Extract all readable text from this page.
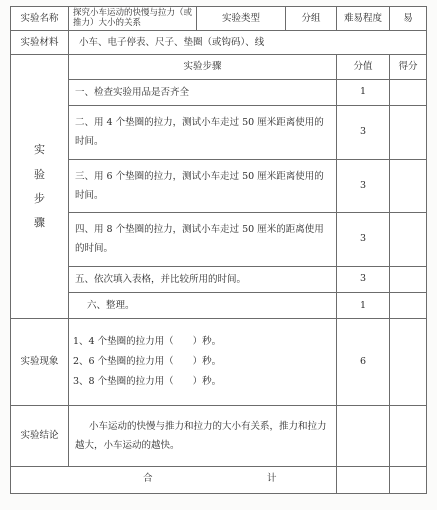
实验名称	探究小车运动的快慢与拉力（或推力）大小的关系	实验类型	分组	难易程度	易
实验材料	小车、电子停表、尺子、垫圈（或钩码）、线				

实
验
步
骤	实验步骤			分值	得分
	一、检查实验用品是否齐全			1	
	二、用 4 个垫圈的拉力，测试小车走过 50 厘米距离使用的时间。			3	
	三、用 6 个垫圈的拉力，测试小车走过 50 厘米距离使用的时间。			3	
	四、用 8 个垫圈的拉力，测试小车走过 50 厘米的距离使用的时间。			3	
	五、依次填入表格，并比较所用的时间。			3	
	六、整理。			1	
实验现象	1、4 个垫圈的拉力用（　　）秒。
2、6 个垫圈的拉力用（　　）秒。
3、8 个垫圈的拉力用（　　）秒。			6	
实验结论	小车运动的快慢与推力和拉力的大小有关系，推力和拉力越大，小车运动的越快。				

合 计					
